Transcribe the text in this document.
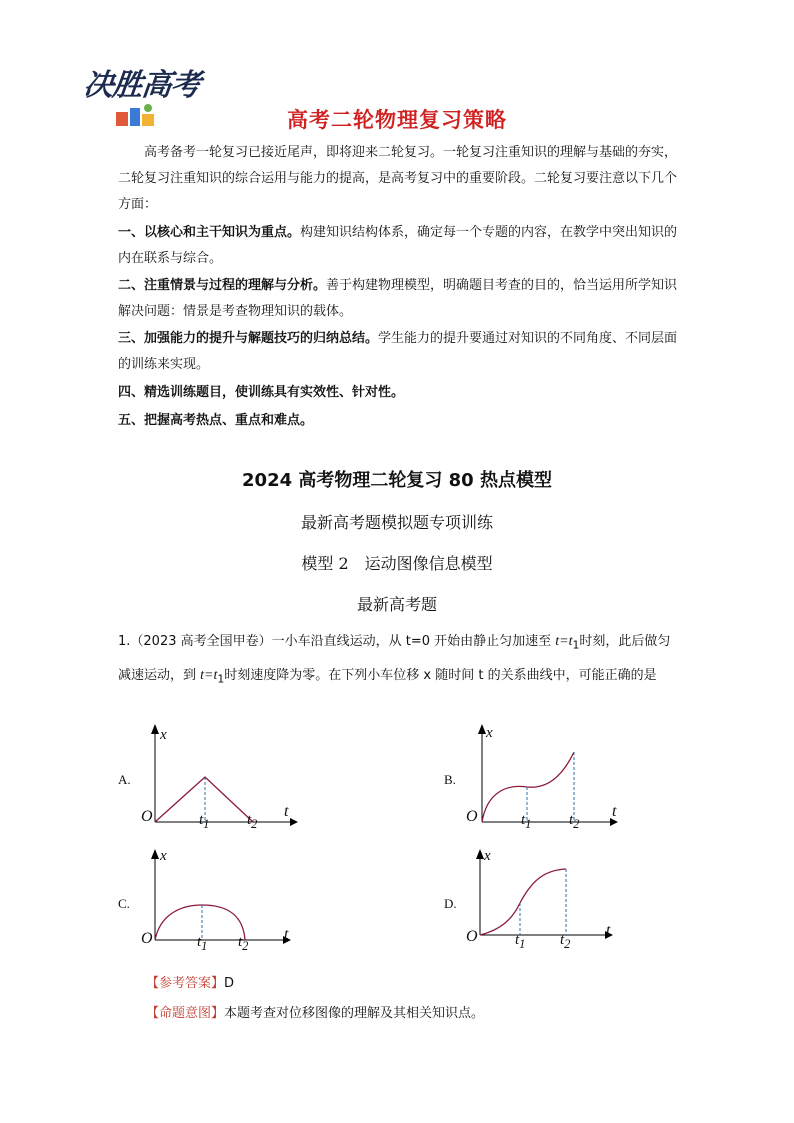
决胜高考
高考二轮物理复习策略
高考备考一轮复习已接近尾声，即将迎来二轮复习。一轮复习注重知识的理解与基础的夯实，二轮复习注重知识的综合运用与能力的提高，是高考复习中的重要阶段。二轮复习要注意以下几个方面：
一、以核心和主干知识为重点。构建知识结构体系，确定每一个专题的内容，在教学中突出知识的内在联系与综合。
二、注重情景与过程的理解与分析。善于构建物理模型，明确题目考查的目的，恰当运用所学知识解决问题：情景是考查物理知识的载体。
三、加强能力的提升与解题技巧的归纳总结。学生能力的提升要通过对知识的不同角度、不同层面的训练来实现。
四、精选训练题目，使训练具有实效性、针对性。
五、把握高考热点、重点和难点。
2024 高考物理二轮复习 80 热点模型
最新高考题模拟题专项训练
模型 2　运动图像信息模型
最新高考题
1.（2023 高考全国甲卷）一小车沿直线运动，从 t=0 开始由静止匀加速至 $t=t_1$时刻，此后做匀减速运动，到 $t=t_1$时刻速度降为零。在下列小车位移 x 随时间 t 的关系曲线中，可能正确的是
A.
x
O	t
$t_1$	$t_2$
B.
x
O	t
$t_1$	$t_2$
C.
x
O	t
$t_1$ $t_2$
D.
x
O	t
$t_1$ $t_2$
【参考答案】D
【命题意图】本题考查对位移图像的理解及其相关知识点。
